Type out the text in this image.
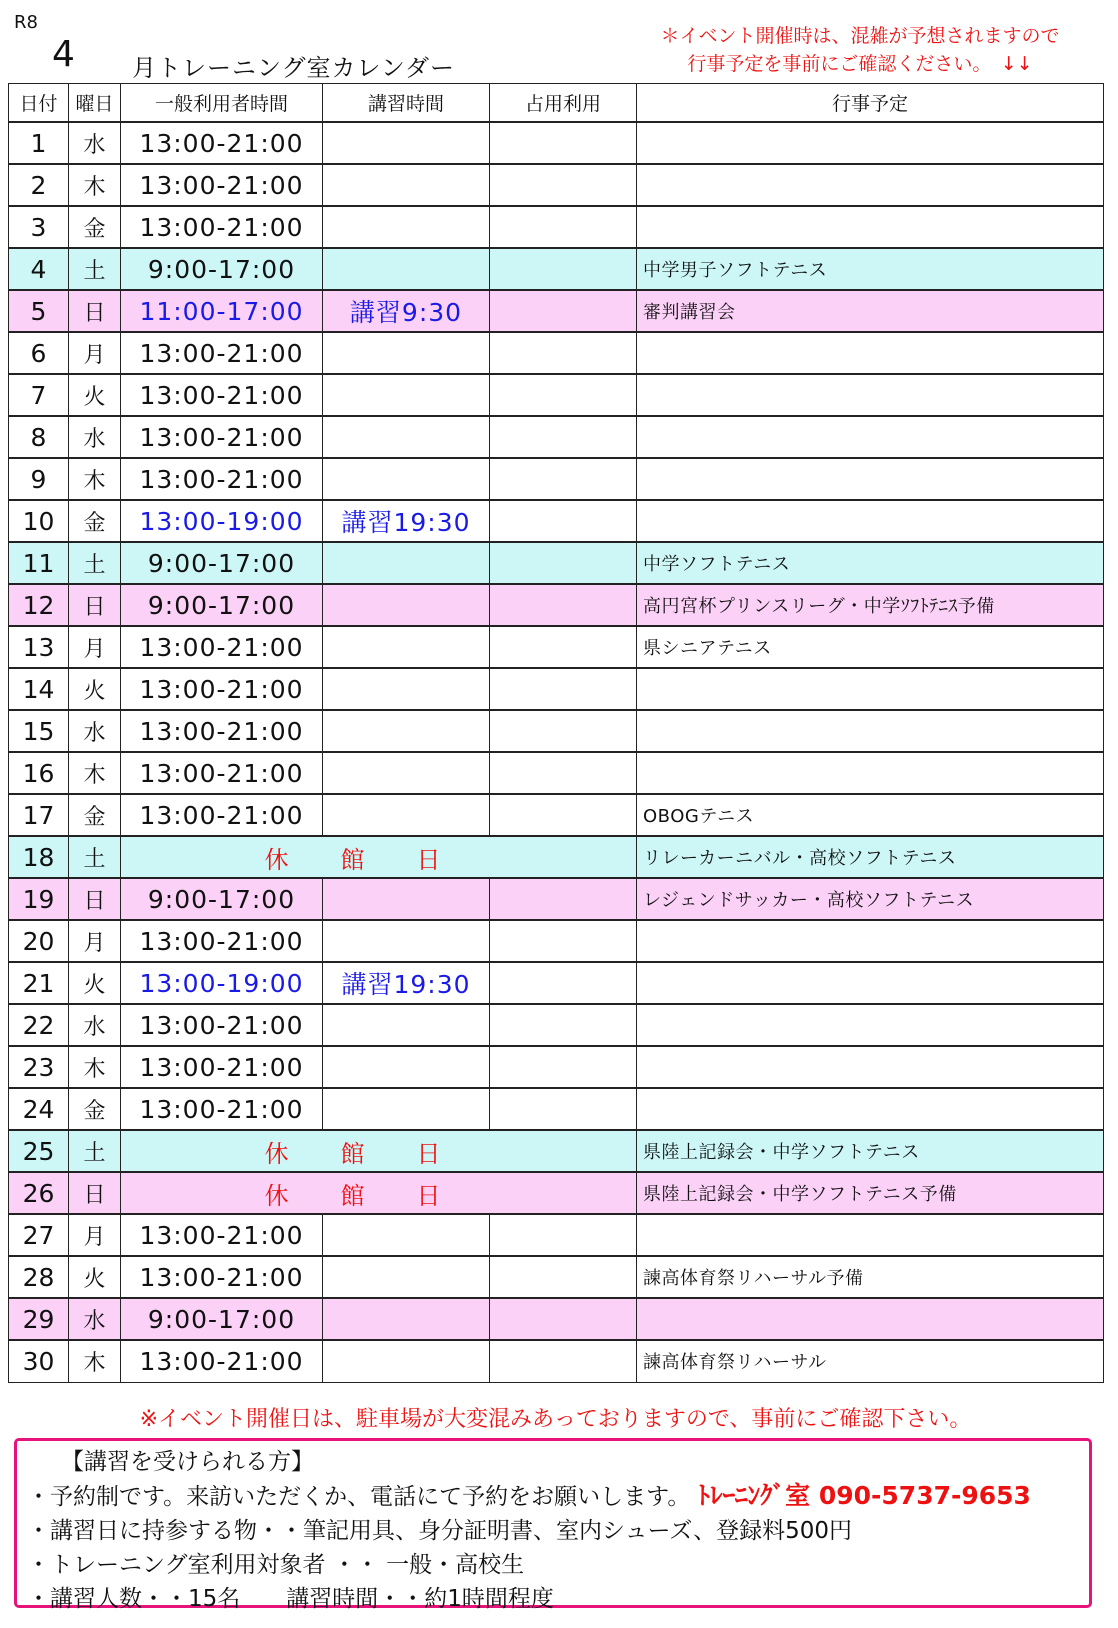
R8
4 月トレーニング室カレンダー
＊イベント開催時は、混雑が予想されますので
行事予定を事前にご確認ください。　↓↓
日付	曜日	一般利用者時間	講習時間	占用利用	行事予定
1	水	13:00-21:00			
2	木	13:00-21:00			
3	金	13:00-21:00			
4	土	9:00-17:00			中学男子ソフトテニス
5	日	11:00-17:00	講習9:30		審判講習会
6	月	13:00-21:00			
7	火	13:00-21:00			
8	水	13:00-21:00			
9	木	13:00-21:00			
10	金	13:00-19:00	講習19:30		
11	土	9:00-17:00			中学ソフトテニス
12	日	9:00-17:00			高円宮杯プリンスリーグ・中学ｿﾌﾄﾃﾆｽ予備
13	月	13:00-21:00			県シニアテニス
14	火	13:00-21:00			
15	水	13:00-21:00			
16	木	13:00-21:00			
17	金	13:00-21:00			OBOGテニス
18	土	休館日			リレーカーニバル・高校ソフトテニス
19	日	9:00-17:00			レジェンドサッカー・高校ソフトテニス
20	月	13:00-21:00			
21	火	13:00-19:00	講習19:30		
22	水	13:00-21:00			
23	木	13:00-21:00			
24	金	13:00-21:00			
25	土	休館日			県陸上記録会・中学ソフトテニス
26	日	休館日			県陸上記録会・中学ソフトテニス予備
27	月	13:00-21:00			
28	火	13:00-21:00			諫高体育祭リハーサル予備
29	水	9:00-17:00			
30	木	13:00-21:00			諫高体育祭リハーサル
※イベント開催日は、駐車場が大変混みあっておりますので、事前にご確認下さい。
【講習を受けられる方】
・予約制です。来訪いただくか、電話にて予約をお願いします。 ﾄﾚｰﾆﾝｸﾞ室 090-5737-9653
・講習日に持参する物・・筆記用具、身分証明書、室内シューズ、登録料500円
・トレーニング室利用対象者 ・・ 一般・高校生
・講習人数・・15名　　講習時間・・約1時間程度
